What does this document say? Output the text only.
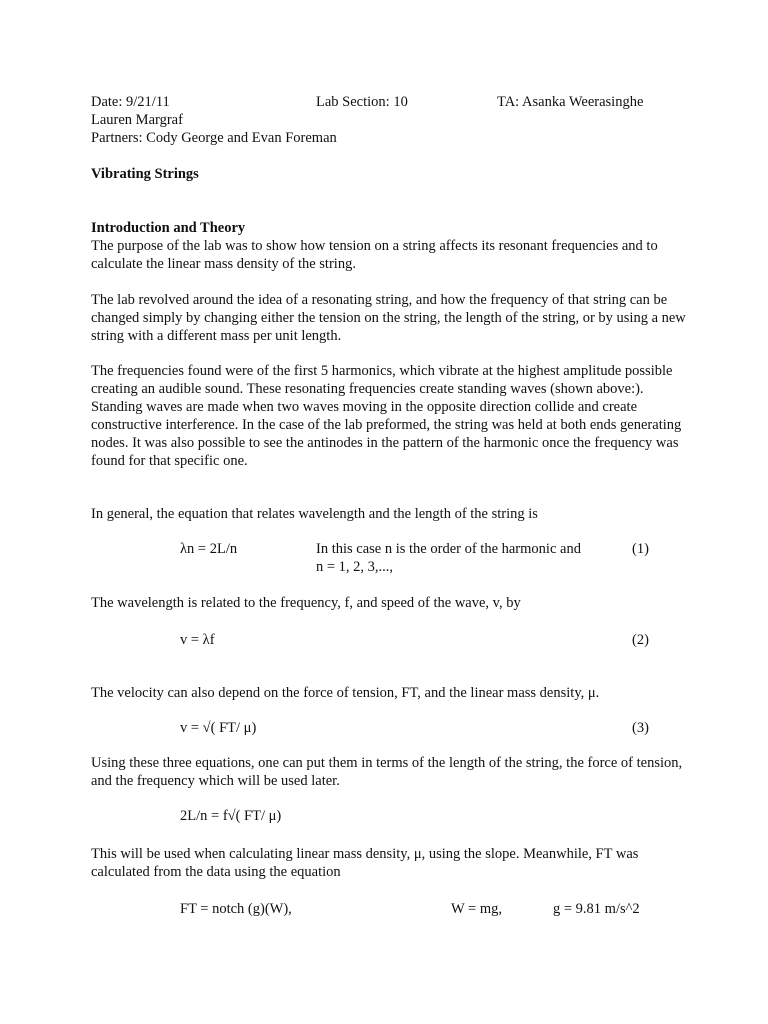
Date: 9/21/11	Lab Section: 10	TA: Asanka Weerasinghe
Lauren Margraf
Partners: Cody George and Evan Foreman
Vibrating Strings
Introduction and Theory
The purpose of the lab was to show how tension on a string affects its resonant frequencies and to calculate the linear mass density of the string.
The lab revolved around the idea of a resonating string, and how the frequency of that string can be changed simply by changing either the tension on the string, the length of the string, or by using a new string with a different mass per unit length.
The frequencies found were of the first 5 harmonics, which vibrate at the highest amplitude possible creating an audible sound. These resonating frequencies create standing waves (shown above:). Standing waves are made when two waves moving in the opposite direction collide and create constructive interference. In the case of the lab preformed, the string was held at both ends generating nodes. It was also possible to see the antinodes in the pattern of the harmonic once the frequency was found for that specific one.
In general, the equation that relates wavelength and the length of the string is
λn = 2L/n	In this case n is the order of the harmonic and
n = 1, 2, 3,...,
(1)
The wavelength is related to the frequency, f, and speed of the wave, v, by
v = λf	(2)
The velocity can also depend on the force of tension, FT, and the linear mass density, μ.
v = √( FT/ μ)	(3)
Using these three equations, one can put them in terms of the length of the string, the force of tension, and the frequency which will be used later.
2L/n = f√( FT/ μ)
This will be used when calculating linear mass density, μ, using the slope. Meanwhile, FT was calculated from the data using the equation
FT = notch (g)(W),	W = mg,	g = 9.81 m/s^2
